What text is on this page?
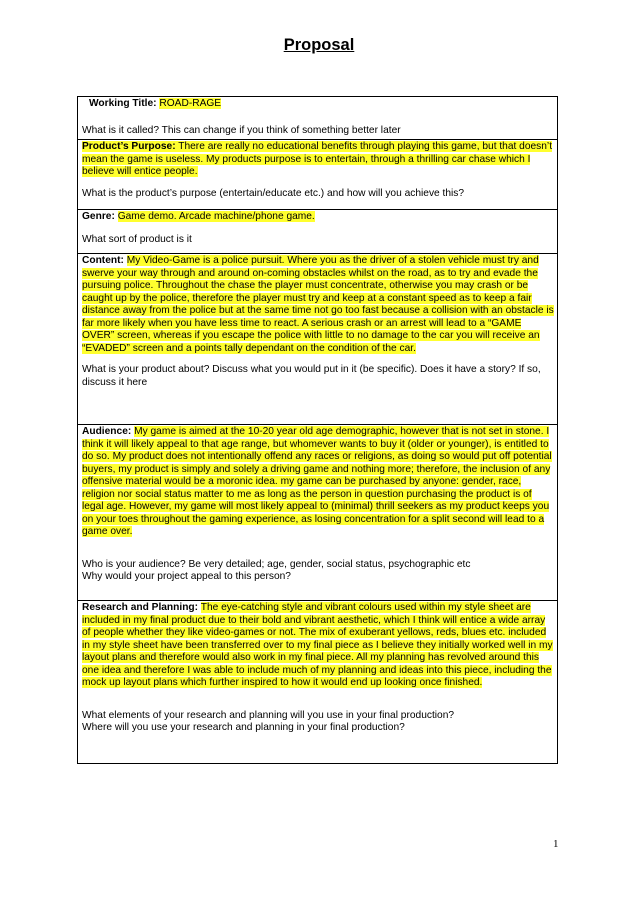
Proposal

Working Title: ROAD-RAGE

What is it called? This can change if you think of something better later

Product’s Purpose: There are really no educational benefits through playing this game, but that doesn’t mean the game is useless. My products purpose is to entertain, through a thrilling car chase which I believe will entice people.

What is the product’s purpose (entertain/educate etc.) and how will you achieve this?

Genre: Game demo. Arcade machine/phone game.

What sort of product is it

Content: My Video-Game is a police pursuit. Where you as the driver of a stolen vehicle must try and swerve your way through and around on-coming obstacles whilst on the road, as to try and evade the pursuing police. Throughout the chase the player must concentrate, otherwise you may crash or be caught up by the police, therefore the player must try and keep at a constant speed as to keep a fair distance away from the police but at the same time not go too fast because a collision with an obstacle is far more likely when you have less time to react. A serious crash or an arrest will lead to a “GAME OVER” screen, whereas if you escape the police with little to no damage to the car you will receive an “EVADED” screen and a points tally dependant on the condition of the car.

What is your product about? Discuss what you would put in it (be specific). Does it have a story? If so, discuss it here

Audience: My game is aimed at the 10-20 year old age demographic, however that is not set in stone. I think it will likely appeal to that age range, but whomever wants to buy it (older or younger), is entitled to do so. My product does not intentionally offend any races or religions, as doing so would put off potential buyers, my product is simply and solely a driving game and nothing more; therefore, the inclusion of any offensive material would be a moronic idea. my game can be purchased by anyone: gender, race, religion nor social status matter to me as long as the person in question purchasing the product is of legal age. However, my game will most likely appeal to (minimal) thrill seekers as my product keeps you on your toes throughout the gaming experience, as losing concentration for a split second will lead to a game over.

Who is your audience? Be very detailed; age, gender, social status, psychographic etc

Why would your project appeal to this person?

Research and Planning: The eye-catching style and vibrant colours used within my style sheet are included in my final product due to their bold and vibrant aesthetic, which I think will entice a wide array of people whether they like video-games or not. The mix of exuberant yellows, reds, blues etc. included in my style sheet have been transferred over to my final piece as I believe they initially worked well in my layout plans and therefore would also work in my final piece. All my planning has revolved around this one idea and therefore I was able to include much of my planning and ideas into this piece, including the mock up layout plans which further inspired to how it would end up looking once finished.

What elements of your research and planning will you use in your final production?

Where will you use your research and planning in your final production?

1
